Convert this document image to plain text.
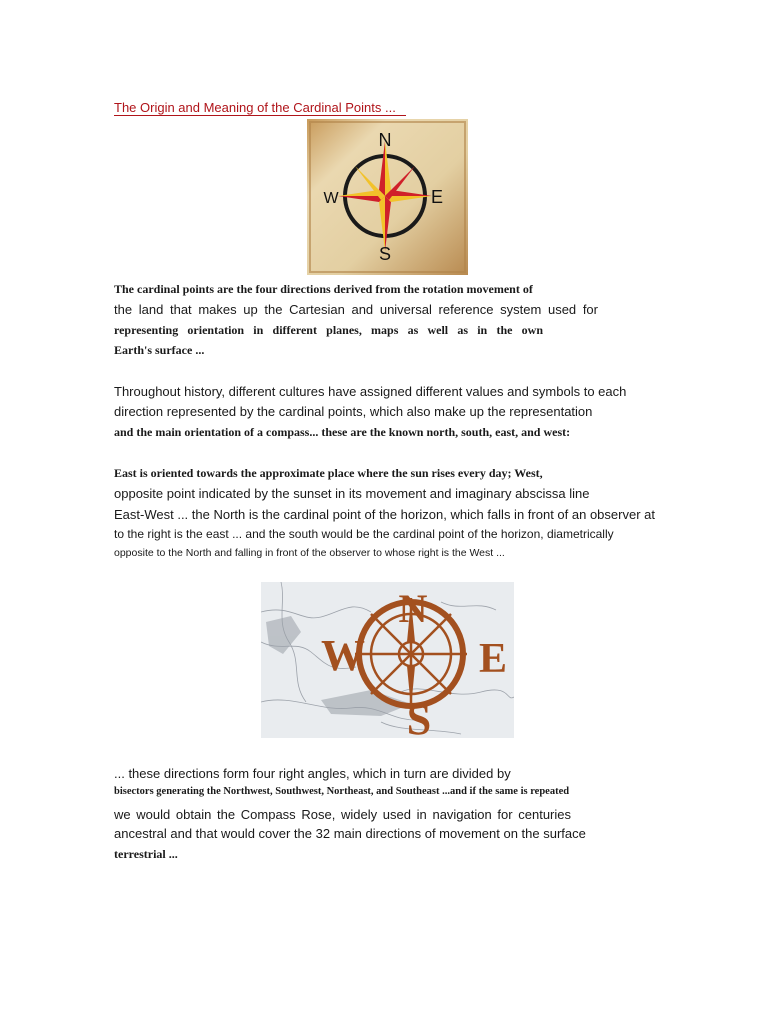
The Origin and Meaning of the Cardinal Points ...
N
S
E
W
The cardinal points are the four directions derived from the rotation movement of
the land that makes up the Cartesian and universal reference system used for
representing orientation in different planes, maps as well as in the own
Earth's surface ...
Throughout history, different cultures have assigned different values and symbols to each
direction represented by the cardinal points, which also make up the representation
and the main orientation of a compass... these are the known north, south, east, and west:
East is oriented towards the approximate place where the sun rises every day; West,
opposite point indicated by the sunset in its movement and imaginary abscissa line
East-West ... the North is the cardinal point of the horizon, which falls in front of an observer at
to the right is the east ... and the south would be the cardinal point of the horizon, diametrically
opposite to the North and falling in front of the observer to whose right is the West ...
N
S
E
W
... these directions form four right angles, which in turn are divided by
bisectors generating the Northwest, Southwest, Northeast, and Southeast ...and if the same is repeated
we would obtain the Compass Rose, widely used in navigation for centuries
ancestral and that would cover the 32 main directions of movement on the surface
terrestrial ...
